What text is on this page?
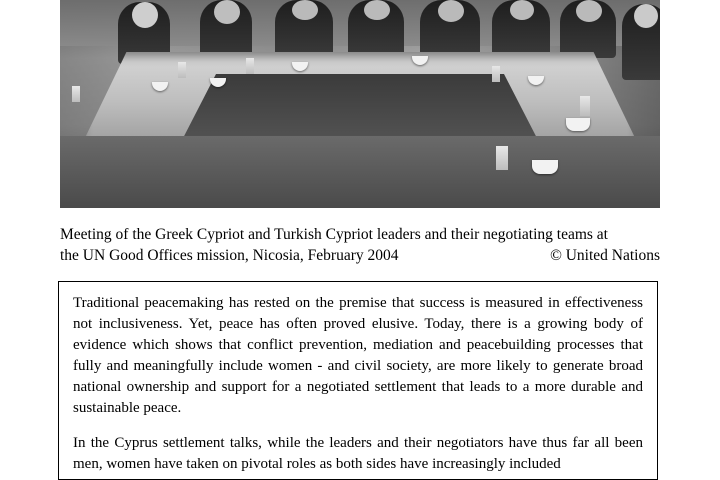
Meeting of the Greek Cypriot and Turkish Cypriot leaders and their negotiating teams at
© United Nations
the UN Good Offices mission, Nicosia, February 2004

Traditional peacemaking has rested on the premise that success is measured in effectiveness not inclusiveness. Yet, peace has often proved elusive. Today, there is a growing body of evidence which shows that conflict prevention, mediation and peacebuilding processes that fully and meaningfully include women - and civil society, are more likely to generate broad national ownership and support for a negotiated settlement that leads to a more durable and sustainable peace.

In the Cyprus settlement talks, while the leaders and their negotiators have thus far all been men, women have taken on pivotal roles as both sides have increasingly included
